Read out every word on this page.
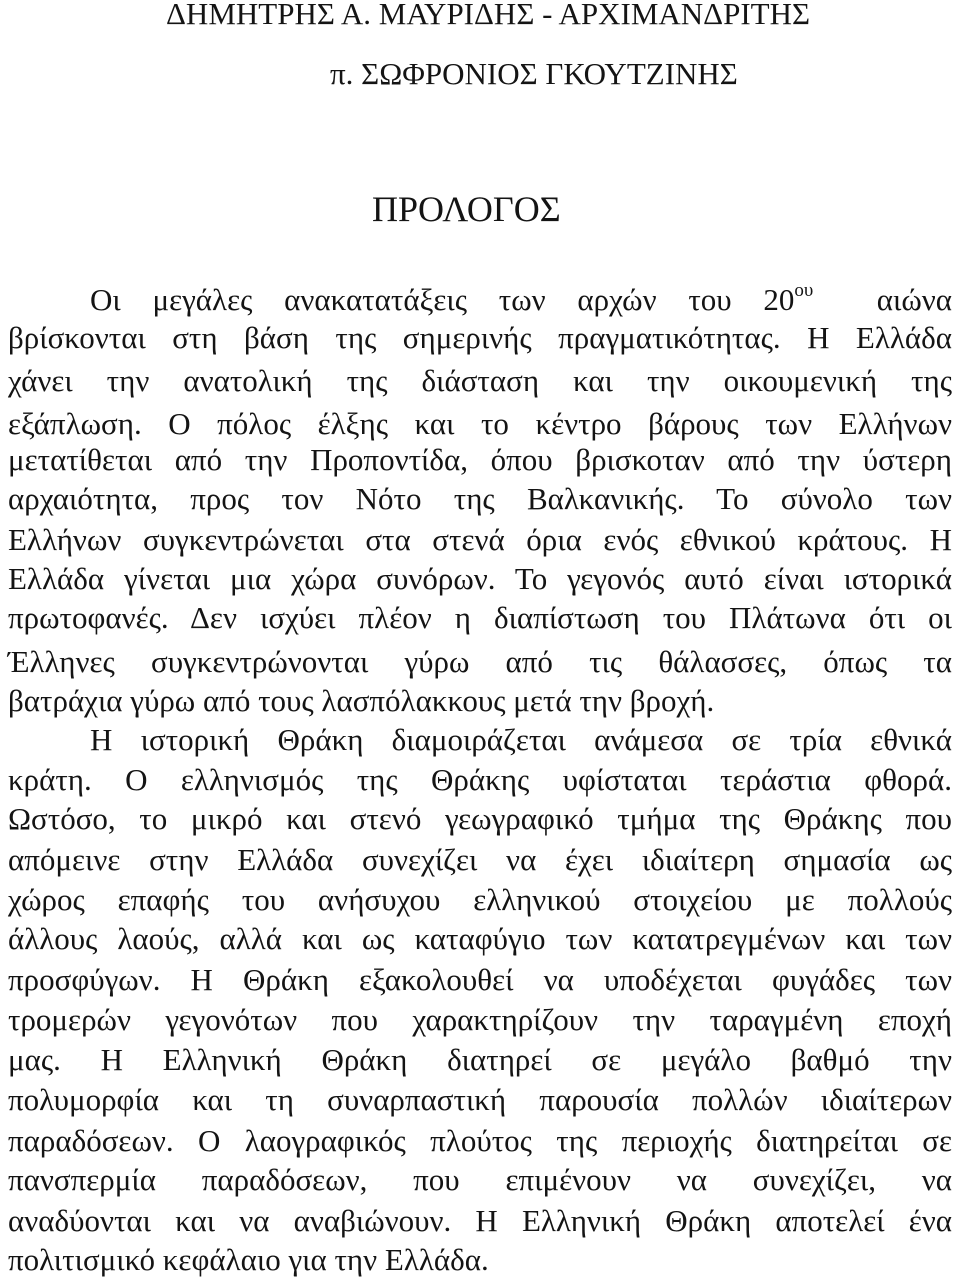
ΔΗΜΗΤΡΗΣ Α. ΜΑΥΡΙΔΗΣ - ΑΡΧΙΜΑΝΔΡΙΤΗΣ
π. ΣΩΦΡΟΝΙΟΣ ΓΚΟΥΤΖΙΝΗΣ
ΠΡΟΛΟΓΟΣ
Οι μεγάλες ανακατατάξεις των αρχών του $20^{o\upsilon}$ αιώνα
βρίσκονται στη βάση της σημερινής πραγματικότητας. Η Ελλάδα
χάνει την ανατολική της διάσταση και την οικουμενική της
εξάπλωση. Ο πόλος έλξης και το κέντρο βάρους των Ελλήνων
μετατίθεται από την Προποντίδα, όπου βρισκοταν από την ύστερη
αρχαιότητα, προς τον Νότο της Βαλκανικής. Το σύνολο των
Ελλήνων συγκεντρώνεται στα στενά όρια ενός εθνικού κράτους. Η
Ελλάδα γίνεται μια χώρα συνόρων. Το γεγονός αυτό είναι ιστορικά
πρωτοφανές. Δεν ισχύει πλέον η διαπίστωση του Πλάτωνα ότι οι
Έλληνες συγκεντρώνονται γύρω από τις θάλασσες, όπως τα
βατράχια γύρω από τους λασπόλακκους μετά την βροχή.
Η ιστορική Θράκη διαμοιράζεται ανάμεσα σε τρία εθνικά
κράτη. Ο ελληνισμός της Θράκης υφίσταται τεράστια φθορά.
Ωστόσο, το μικρό και στενό γεωγραφικό τμήμα της Θράκης που
απόμεινε στην Ελλάδα συνεχίζει να έχει ιδιαίτερη σημασία ως
χώρος επαφής του ανήσυχου ελληνικού στοιχείου με πολλούς
άλλους λαούς, αλλά και ως καταφύγιο των κατατρεγμένων και των
προσφύγων. Η Θράκη εξακολουθεί να υποδέχεται φυγάδες των
τρομερών γεγονότων που χαρακτηρίζουν την ταραγμένη εποχή
μας. Η Ελληνική Θράκη διατηρεί σε μεγάλο βαθμό την
πολυμορφία και τη συναρπαστική παρουσία πολλών ιδιαίτερων
παραδόσεων. Ο λαογραφικός πλούτος της περιοχής διατηρείται σε
πανσπερμία παραδόσεων, που επιμένουν να συνεχίζει, να
αναδύονται και να αναβιώνουν. Η Ελληνική Θράκη αποτελεί ένα
πολιτισμικό κεφάλαιο για την Ελλάδα.
